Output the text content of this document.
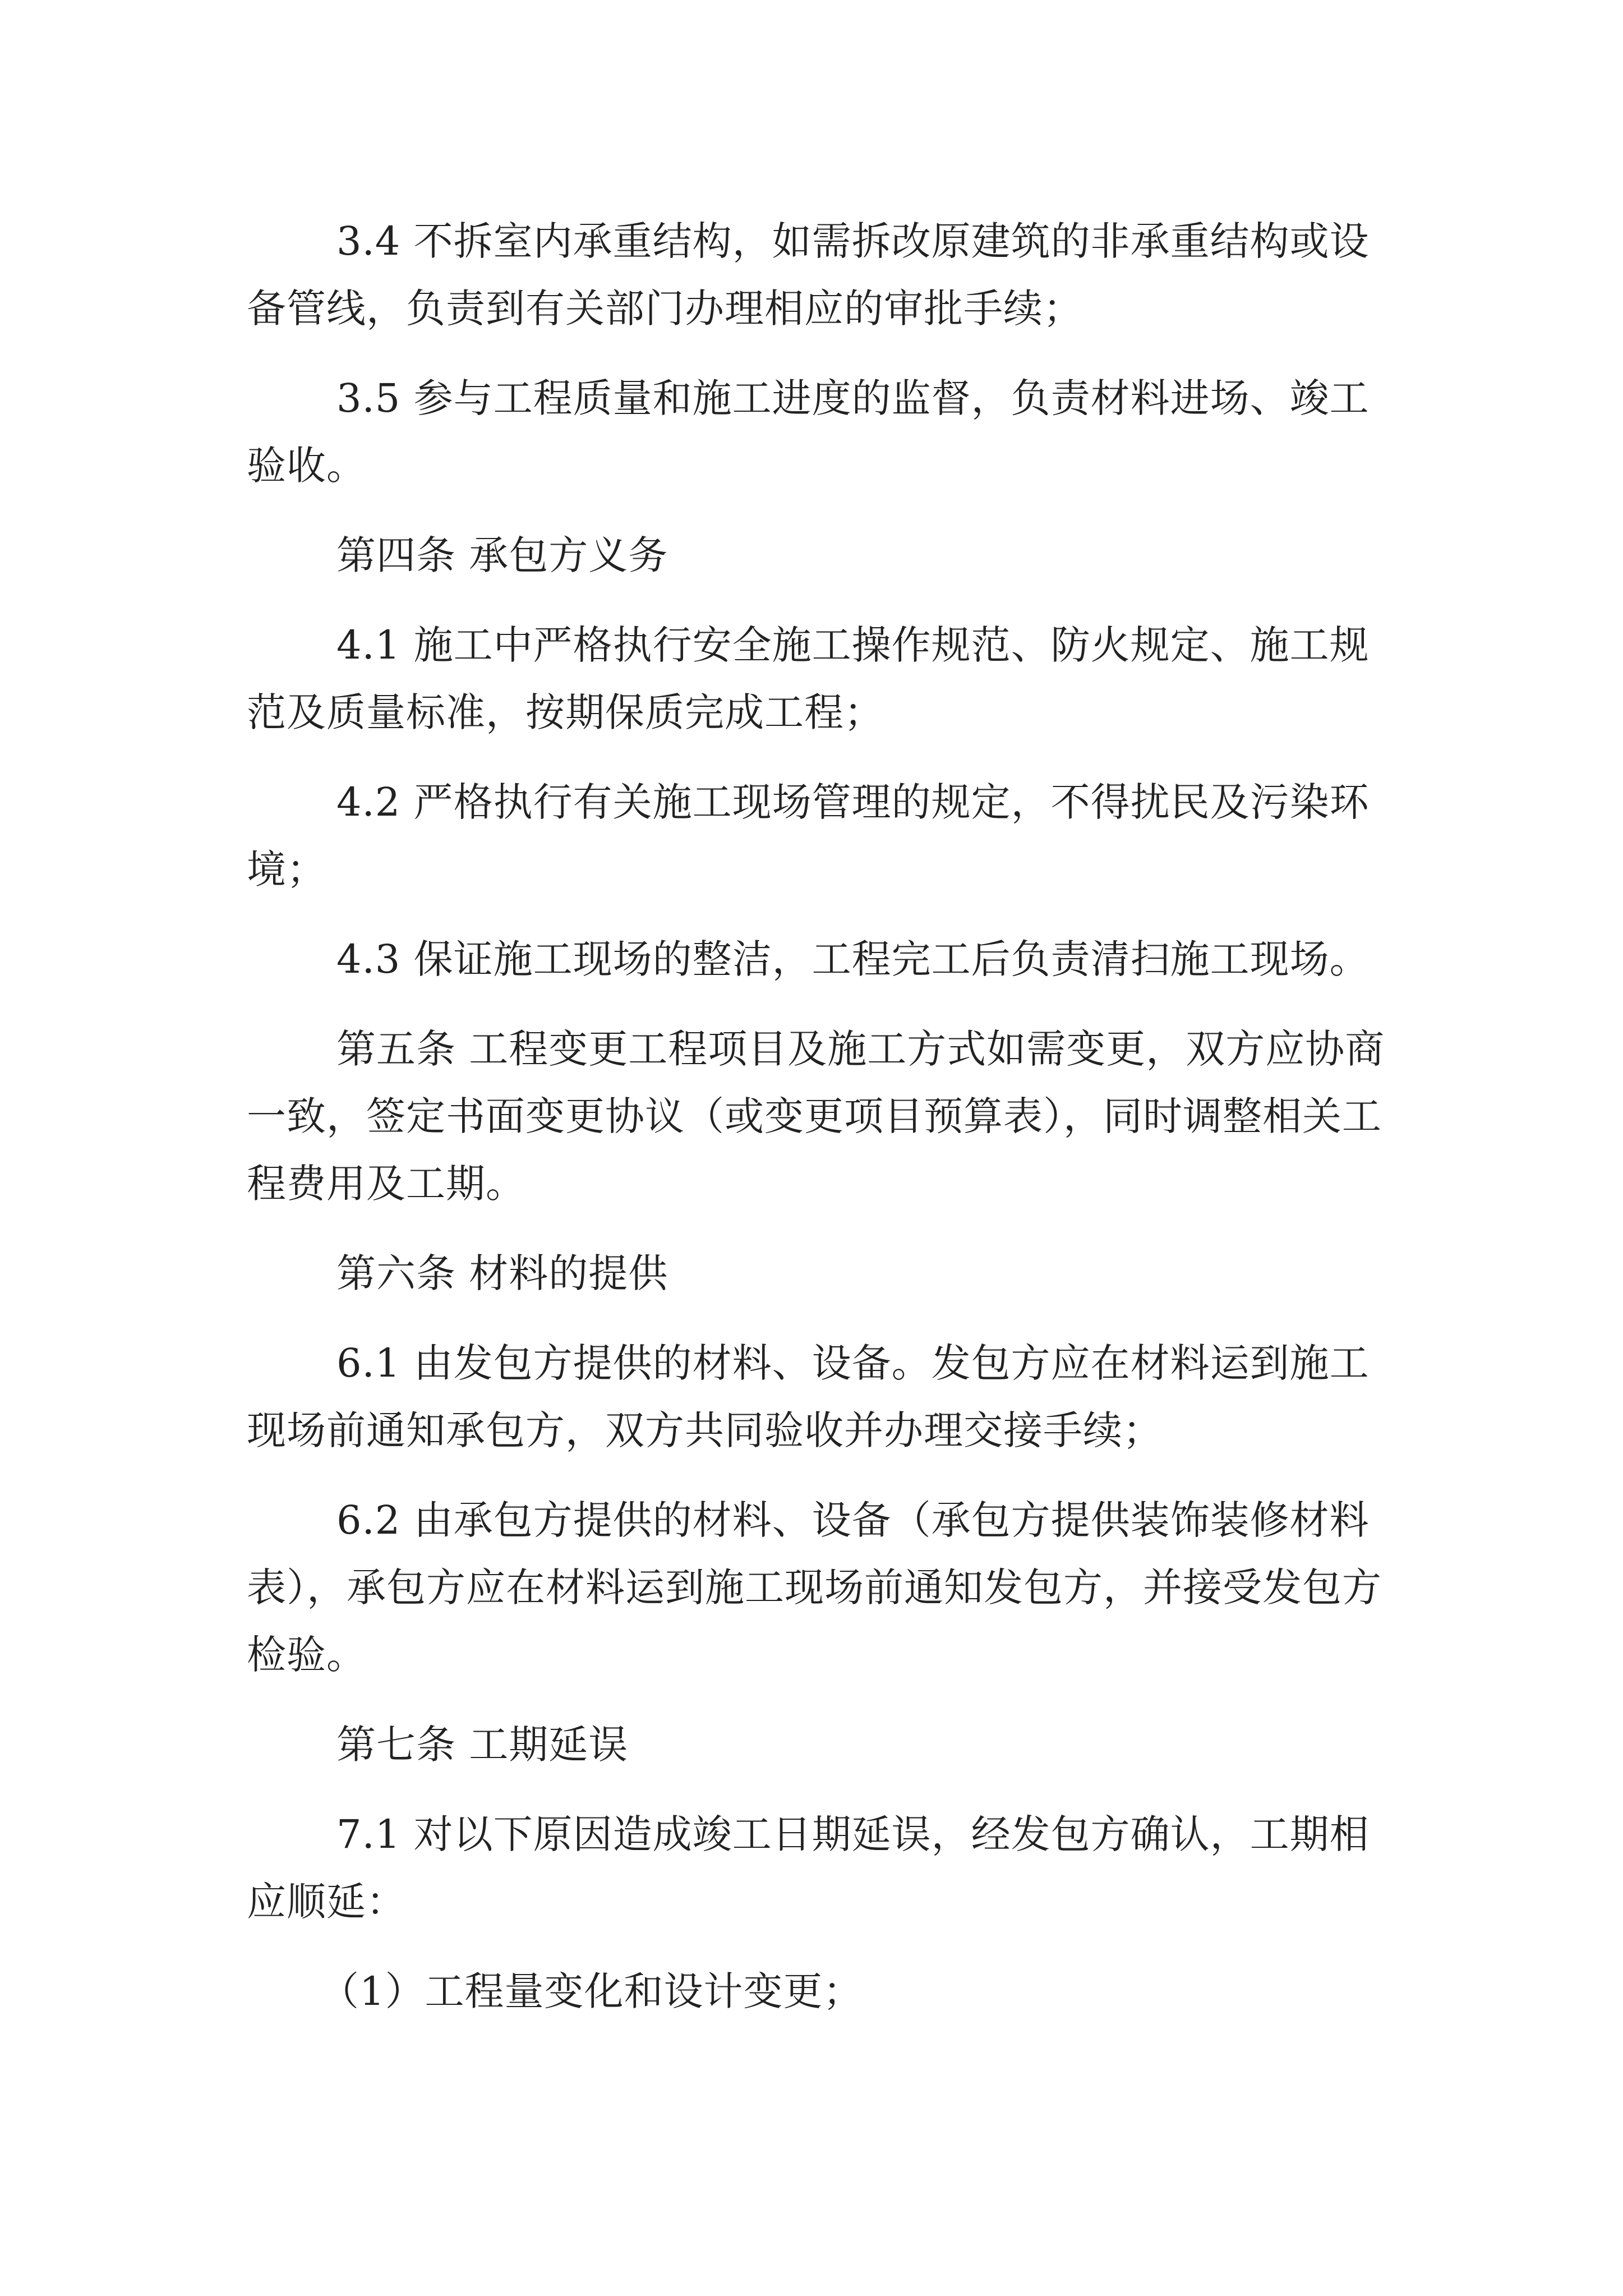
3.4 不拆室内承重结构，如需拆改原建筑的非承重结构或设备管线，负责到有关部门办理相应的审批手续；

3.5 参与工程质量和施工进度的监督，负责材料进场、竣工验收。

第四条 承包方义务

4.1 施工中严格执行安全施工操作规范、防火规定、施工规范及质量标准，按期保质完成工程；

4.2 严格执行有关施工现场管理的规定，不得扰民及污染环境；

4.3 保证施工现场的整洁，工程完工后负责清扫施工现场。

第五条 工程变更工程项目及施工方式如需变更，双方应协商一致，签定书面变更协议（或变更项目预算表），同时调整相关工程费用及工期。

第六条 材料的提供

6.1 由发包方提供的材料、设备。发包方应在材料运到施工现场前通知承包方，双方共同验收并办理交接手续；

6.2 由承包方提供的材料、设备（承包方提供装饰装修材料表），承包方应在材料运到施工现场前通知发包方，并接受发包方检验。

第七条 工期延误

7.1 对以下原因造成竣工日期延误，经发包方确认，工期相应顺延：

（1）工程量变化和设计变更；
